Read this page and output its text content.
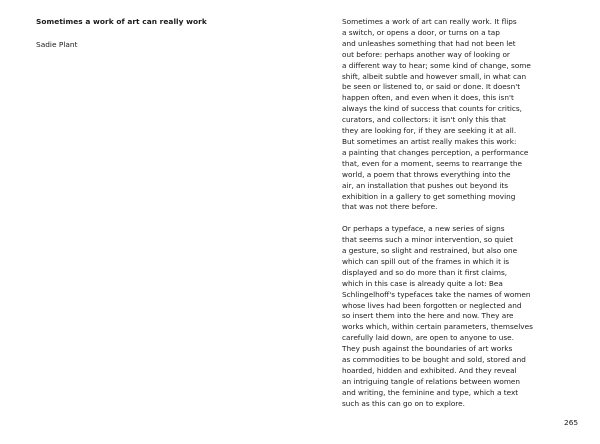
Sometimes a work of art can really work
Sadie Plant
Sometimes a work of art can really work. It flips
a switch, or opens a door, or turns on a tap
and unleashes something that had not been let
out before: perhaps another way of looking or
a different way to hear; some kind of change, some
shift, albeit subtle and however small, in what can
be seen or listened to, or said or done. It doesn't
happen often, and even when it does, this isn't
always the kind of success that counts for critics,
curators, and collectors: it isn't only this that
they are looking for, if they are seeking it at all.
But sometimes an artist really makes this work:
a painting that changes perception, a performance
that, even for a moment, seems to rearrange the
world, a poem that throws everything into the
air, an installation that pushes out beyond its
exhibition in a gallery to get something moving
that was not there before.
Or perhaps a typeface, a new series of signs
that seems such a minor intervention, so quiet
a gesture, so slight and restrained, but also one
which can spill out of the frames in which it is
displayed and so do more than it first claims,
which in this case is already quite a lot: Bea
Schlingelhoff's typefaces take the names of women
whose lives had been forgotten or neglected and
so insert them into the here and now. They are
works which, within certain parameters, themselves
carefully laid down, are open to anyone to use.
They push against the boundaries of art works
as commodities to be bought and sold, stored and
hoarded, hidden and exhibited. And they reveal
an intriguing tangle of relations between women
and writing, the feminine and type, which a text
such as this can go on to explore.
265
